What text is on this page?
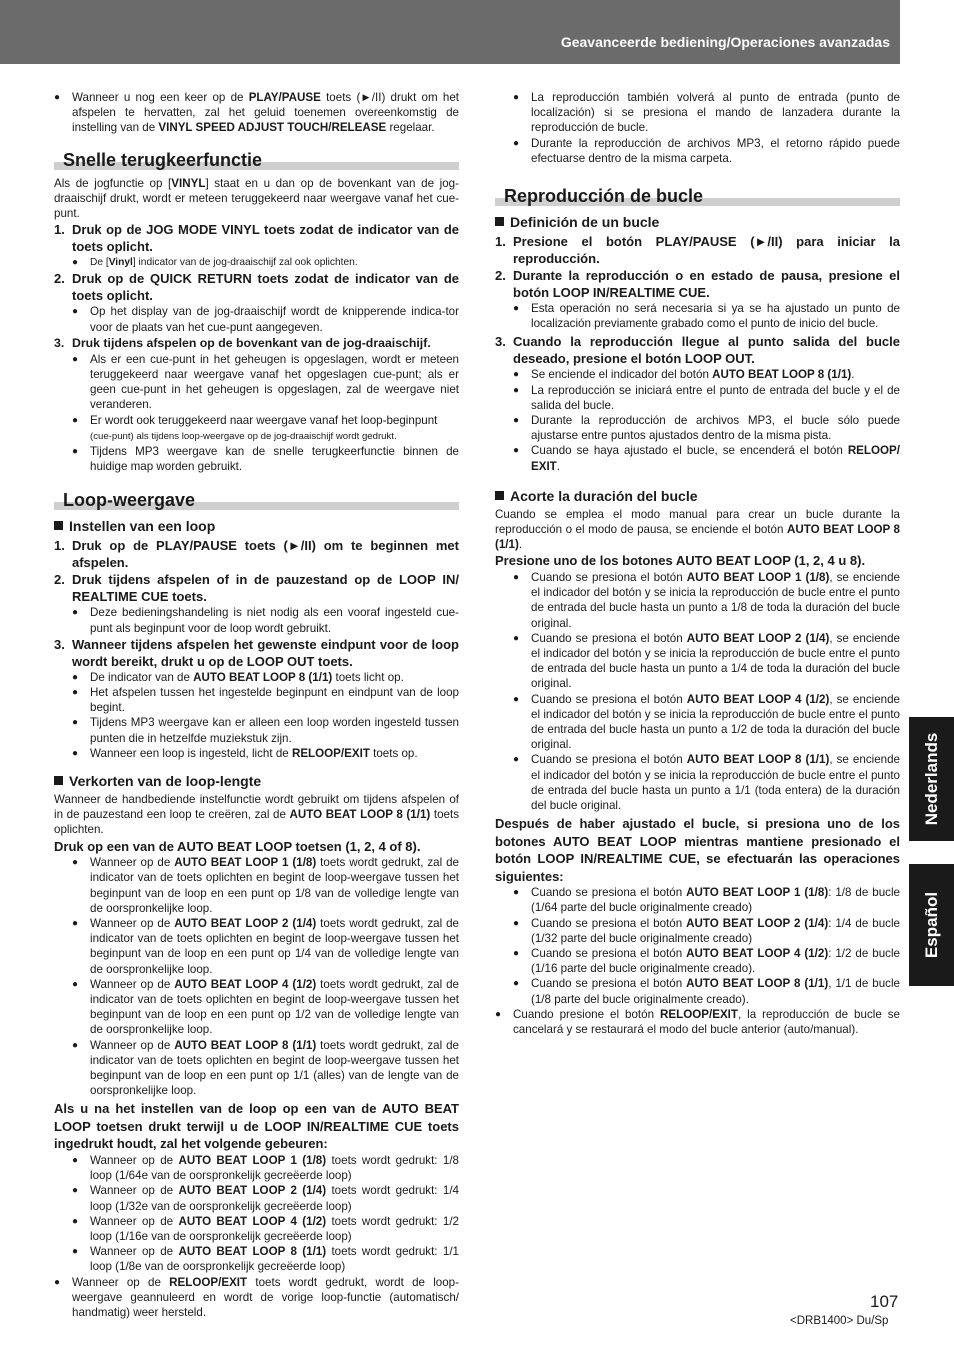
Geavanceerde bediening/Operaciones avanzadas
● Wanneer u nog een keer op de PLAY/PAUSE toets (►/II) drukt om het afspelen te hervatten, zal het geluid toenemen overeenkomstig de instelling van de VINYL SPEED ADJUST TOUCH/RELEASE regelaar.
Snelle terugkeerfunctie

Als de jogfunctie op [VINYL] staat en u dan op de bovenkant van de jog-draaischijf drukt, wordt er meteen teruggekeerd naar weergave vanaf het cue-punt.

1. Druk op de JOG MODE VINYL toets zodat de indicator van de toets oplicht.
● De [Vinyl] indicator van de jog-draaischijf zal ook oplichten.
2. Druk op de QUICK RETURN toets zodat de indicator van de toets oplicht.
● Op het display van de jog-draaischijf wordt de knipperende indica-tor voor de plaats van het cue-punt aangegeven.
3. Druk tijdens afspelen op de bovenkant van de jog-draaischijf.
● Als er een cue-punt in het geheugen is opgeslagen, wordt er meteen teruggekeerd naar weergave vanaf het opgeslagen cue-punt; als er geen cue-punt in het geheugen is opgeslagen, zal de weergave niet veranderen.
● Er wordt ook teruggekeerd naar weergave vanaf het loop-beginpunt
(cue-punt) als tijdens loop-weergave op de jog-draaischijf wordt gedrukt.
● Tijdens MP3 weergave kan de snelle terugkeerfunctie binnen de huidige map worden gebruikt.
Loop-weergave
Instellen van een loop
1. Druk op de PLAY/PAUSE toets (►/II) om te beginnen met afspelen.
2. Druk tijdens afspelen of in de pauzestand op de LOOP IN/ REALTIME CUE toets.
● Deze bedieningshandeling is niet nodig als een vooraf ingesteld cue-punt als beginpunt voor de loop wordt gebruikt.
3. Wanneer tijdens afspelen het gewenste eindpunt voor de loop wordt bereikt, drukt u op de LOOP OUT toets.
● De indicator van de AUTO BEAT LOOP 8 (1/1) toets licht op.
● Het afspelen tussen het ingestelde beginpunt en eindpunt van de loop begint.
● Tijdens MP3 weergave kan er alleen een loop worden ingesteld tussen punten die in hetzelfde muziekstuk zijn.
● Wanneer een loop is ingesteld, licht de RELOOP/EXIT toets op.
Verkorten van de loop-lengte

Wanneer de handbediende instelfunctie wordt gebruikt om tijdens afspelen of in de pauzestand een loop te creëren, zal de AUTO BEAT LOOP 8 (1/1) toets oplichten.

Druk op een van de AUTO BEAT LOOP toetsen (1, 2, 4 of 8).
● Wanneer op de AUTO BEAT LOOP 1 (1/8) toets wordt gedrukt, zal de indicator van de toets oplichten en begint de loop-weergave tussen het beginpunt van de loop en een punt op 1/8 van de volledige lengte van de oorspronkelijke loop.
● Wanneer op de AUTO BEAT LOOP 2 (1/4) toets wordt gedrukt, zal de indicator van de toets oplichten en begint de loop-weergave tussen het beginpunt van de loop en een punt op 1/4 van de volledige lengte van de oorspronkelijke loop.
● Wanneer op de AUTO BEAT LOOP 4 (1/2) toets wordt gedrukt, zal de indicator van de toets oplichten en begint de loop-weergave tussen het beginpunt van de loop en een punt op 1/2 van de volledige lengte van de oorspronkelijke loop.
● Wanneer op de AUTO BEAT LOOP 8 (1/1) toets wordt gedrukt, zal de indicator van de toets oplichten en begint de loop-weergave tussen het beginpunt van de loop en een punt op 1/1 (alles) van de lengte van de oorspronkelijke loop.
Als u na het instellen van de loop op een van de AUTO BEAT LOOP toetsen drukt terwijl u de LOOP IN/REALTIME CUE toets ingedrukt houdt, zal het volgende gebeuren:
● Wanneer op de AUTO BEAT LOOP 1 (1/8) toets wordt gedrukt: 1/8 loop (1/64e van de oorspronkelijk gecreëerde loop)
● Wanneer op de AUTO BEAT LOOP 2 (1/4) toets wordt gedrukt: 1/4 loop (1/32e van de oorspronkelijk gecreëerde loop)
● Wanneer op de AUTO BEAT LOOP 4 (1/2) toets wordt gedrukt: 1/2 loop (1/16e van de oorspronkelijk gecreëerde loop)
● Wanneer op de AUTO BEAT LOOP 8 (1/1) toets wordt gedrukt: 1/1 loop (1/8e van de oorspronkelijk gecreëerde loop)
● Wanneer op de RELOOP/EXIT toets wordt gedrukt, wordt de loop-weergave geannuleerd en wordt de vorige loop-functie (automatisch/ handmatig) weer hersteld.
● La reproducción también volverá al punto de entrada (punto de localización) si se presiona el mando de lanzadera durante la reproducción de bucle.
● Durante la reproducción de archivos MP3, el retorno rápido puede efectuarse dentro de la misma carpeta.
Reproducción de bucle
Definición de un bucle
1. Presione el botón PLAY/PAUSE (►/II) para iniciar la reproducción.
2. Durante la reproducción o en estado de pausa, presione el botón LOOP IN/REALTIME CUE.
● Esta operación no será necesaria si ya se ha ajustado un punto de localización previamente grabado como el punto de inicio del bucle.
3. Cuando la reproducción llegue al punto salida del bucle deseado, presione el botón LOOP OUT.
● Se enciende el indicador del botón AUTO BEAT LOOP 8 (1/1).
● La reproducción se iniciará entre el punto de entrada del bucle y el de salida del bucle.
● Durante la reproducción de archivos MP3, el bucle sólo puede ajustarse entre puntos ajustados dentro de la misma pista.
● Cuando se haya ajustado el bucle, se encenderá el botón RELOOP/ EXIT.
Acorte la duración del bucle

Cuando se emplea el modo manual para crear un bucle durante la reproducción o el modo de pausa, se enciende el botón AUTO BEAT LOOP 8 (1/1).

Presione uno de los botones AUTO BEAT LOOP (1, 2, 4 u 8).
● Cuando se presiona el botón AUTO BEAT LOOP 1 (1/8), se enciende el indicador del botón y se inicia la reproducción de bucle entre el punto de entrada del bucle hasta un punto a 1/8 de toda la duración del bucle original.
● Cuando se presiona el botón AUTO BEAT LOOP 2 (1/4), se enciende el indicador del botón y se inicia la reproducción de bucle entre el punto de entrada del bucle hasta un punto a 1/4 de toda la duración del bucle original.
● Cuando se presiona el botón AUTO BEAT LOOP 4 (1/2), se enciende el indicador del botón y se inicia la reproducción de bucle entre el punto de entrada del bucle hasta un punto a 1/2 de toda la duración del bucle original.
● Cuando se presiona el botón AUTO BEAT LOOP 8 (1/1), se enciende el indicador del botón y se inicia la reproducción de bucle entre el punto de entrada del bucle hasta un punto a 1/1 (toda entera) de la duración del bucle original.
Después de haber ajustado el bucle, si presiona uno de los botones AUTO BEAT LOOP mientras mantiene presionado el botón LOOP IN/REALTIME CUE, se efectuarán las operaciones siguientes:
● Cuando se presiona el botón AUTO BEAT LOOP 1 (1/8): 1/8 de bucle (1/64 parte del bucle originalmente creado)
● Cuando se presiona el botón AUTO BEAT LOOP 2 (1/4): 1/4 de bucle (1/32 parte del bucle originalmente creado)
● Cuando se presiona el botón AUTO BEAT LOOP 4 (1/2): 1/2 de bucle (1/16 parte del bucle originalmente creado).
● Cuando se presiona el botón AUTO BEAT LOOP 8 (1/1), 1/1 de bucle (1/8 parte del bucle originalmente creado).
● Cuando presione el botón RELOOP/EXIT, la reproducción de bucle se cancelará y se restaurará el modo del bucle anterior (auto/manual).
Nederlands
Español
107
<DRB1400> Du/Sp
